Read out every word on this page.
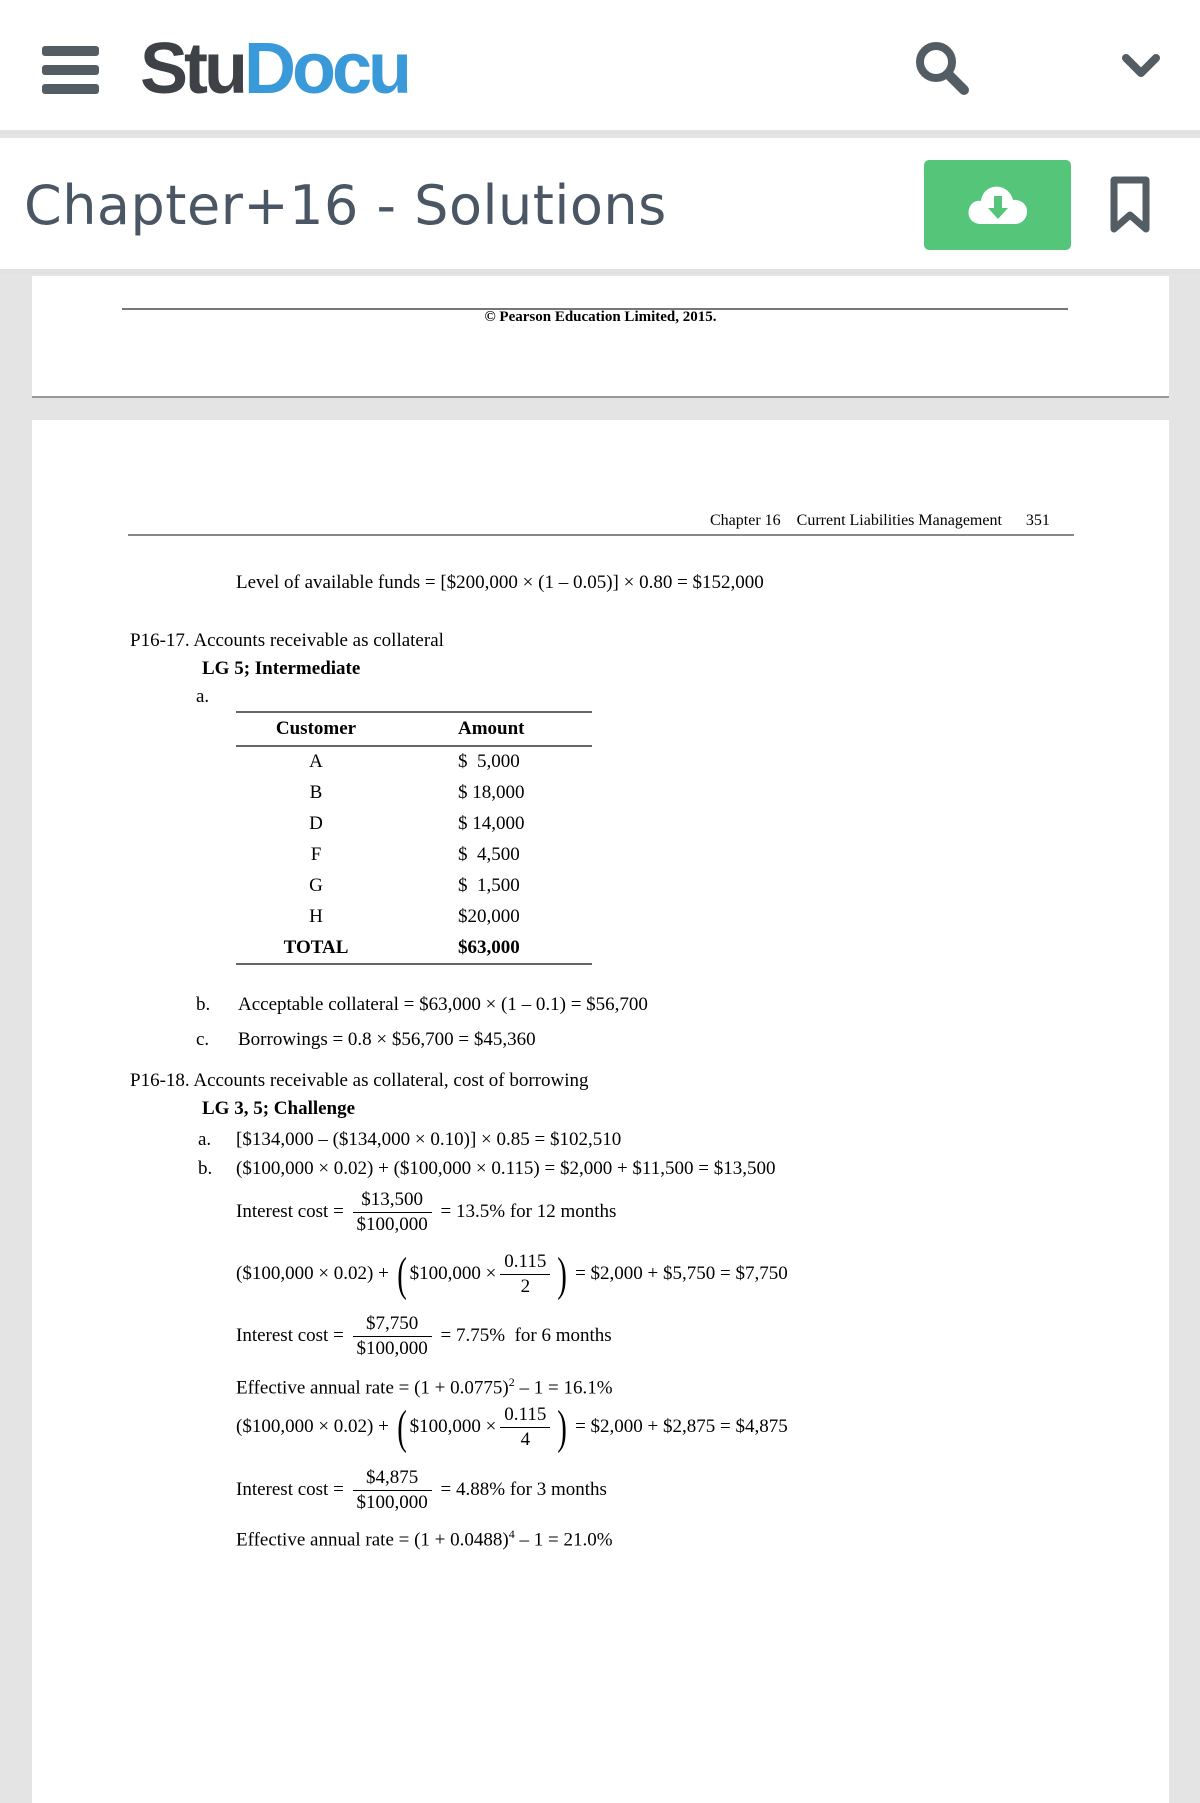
StuDocu
Chapter+16 - Solutions
© Pearson Education Limited, 2015.
Chapter 16    Current Liabilities Management      351
Level of available funds = [$200,000 × (1 – 0.05)] × 0.80 = $152,000
P16-17. Accounts receivable as collateral
LG 5; Intermediate
a.
Customer	Amount
A	$  5,000
B	$ 18,000
D	$ 14,000
F	$  4,500
G	$  1,500
H	$20,000
TOTAL	$63,000
b. Acceptable collateral = $63,000 × (1 – 0.1) = $56,700
c. Borrowings = 0.8 × $56,700 = $45,360
P16-18. Accounts receivable as collateral, cost of borrowing
LG 3, 5; Challenge
a. [$134,000 – ($134,000 × 0.10)] × 0.85 = $102,510
b. ($100,000 × 0.02) + ($100,000 × 0.115) = $2,000 + $11,500 = $13,500
Interest $\cos t = \frac{\$13,500}{\$100,000} = 13.5\%$ for 12 months
($100,000 × 0.02) + ( $100,000 × $\frac{0.115}{2}$ ) = $2,000 + $5,750 = $7,750
Interest $\cos t = \frac{\$7,750}{\$100,000} = 7.75\%$  for 6 months
Effective annual rate = $(1 + 0.0775)^2 - 1 = 16.1\%$
($100,000 × 0.02) + ( $100,000 × $\frac{0.115}{4}$ ) = $2,000 + $2,875 = $4,875
Interest $\cos t = \frac{\$4,875}{\$100,000} = 4.88\%$ for 3 months
Effective annual rate = $(1 + 0.0488)^4 - 1 = 21.0\%$
